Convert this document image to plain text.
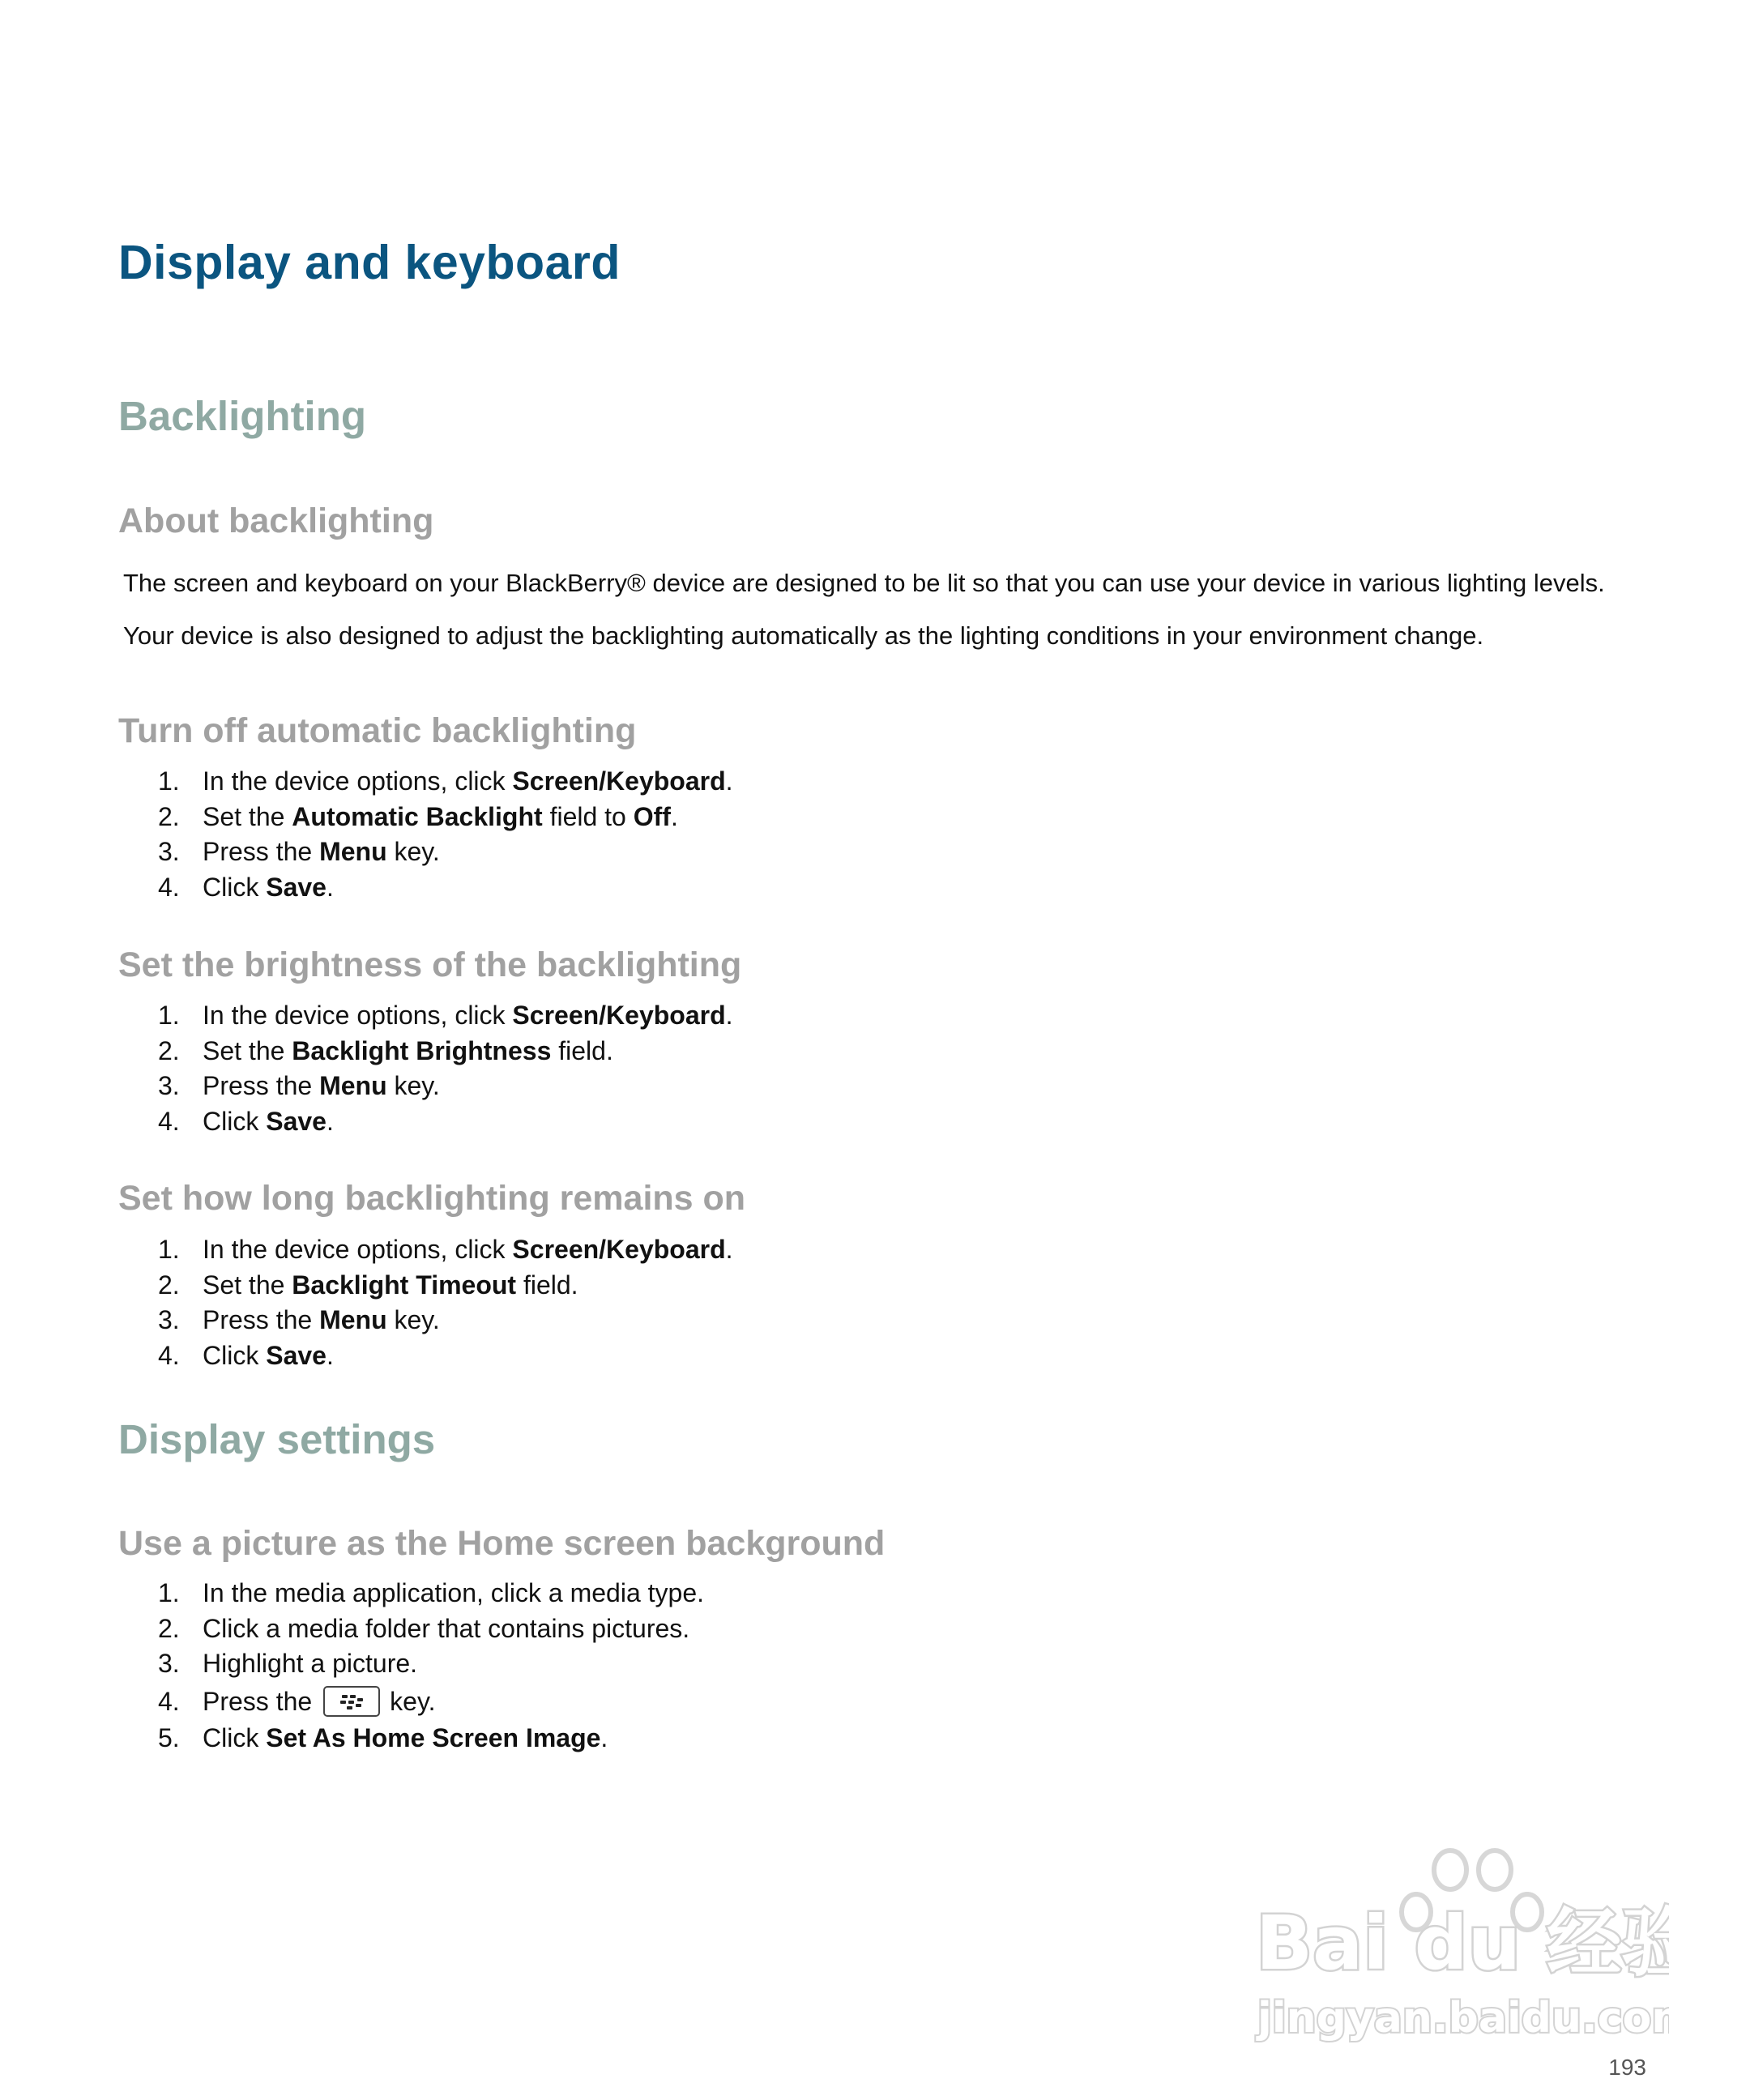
Display and keyboard
Backlighting
About backlighting

The screen and keyboard on your BlackBerry® device are designed to be lit so that you can use your device in various lighting levels.

Your device is also designed to adjust the backlighting automatically as the lighting conditions in your environment change.

Turn off automatic backlighting
1. In the device options, click Screen/Keyboard.
2. Set the Automatic Backlight field to Off.
3. Press the Menu key.
4. Click Save.
Set the brightness of the backlighting
1. In the device options, click Screen/Keyboard.
2. Set the Backlight Brightness field.
3. Press the Menu key.
4. Click Save.
Set how long backlighting remains on
1. In the device options, click Screen/Keyboard.
2. Set the Backlight Timeout field.
3. Press the Menu key.
4. Click Save.
Display settings
Use a picture as the Home screen background
1. In the media application, click a media type.
2. Click a media folder that contains pictures.
3. Highlight a picture.
4. Press the	key.
5. Click Set As Home Screen Image.
Bai du 经验
jingyan.baidu.com
193
